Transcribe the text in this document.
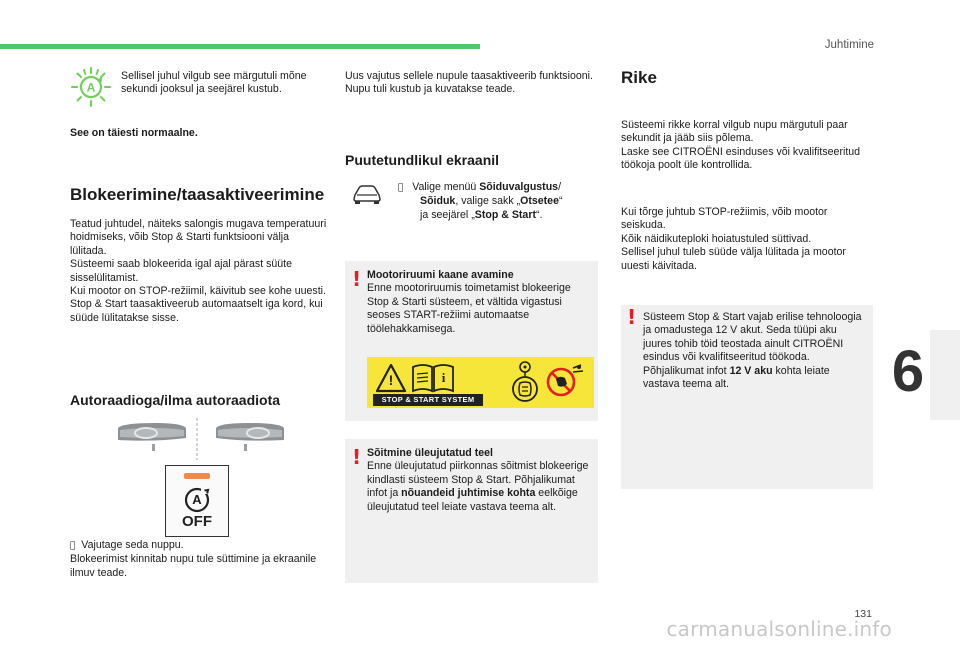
Juhtimine
6
A

Sellisel juhul vilgub see märgutuli mõne sekundi jooksul ja seejärel kustub.

See on täiesti normaalne.

Blokeerimine/taasaktiveerimine

Teatud juhtudel, näiteks salongis mugava temperatuuri hoidmiseks, võib Stop & Starti funktsiooni välja lülitada.

Süsteemi saab blokeerida igal ajal pärast süüte sisselülitamist.

Kui mootor on STOP-režiimil, käivitub see kohe uuesti.

Stop & Start taasaktiveerub automaatselt iga kord, kui süüde lülitatakse sisse.

Autoraadioga/ilma autoraadiota
A
OFF

Vajutage seda nuppu.

Blokeerimist kinnitab nupu tule süttimine ja ekraanile ilmuv teade.

Uus vajutus sellele nupule taasaktiveerib funktsiooni.

Nupu tuli kustub ja kuvatakse teade.

Puutetundlikul ekraanil

Valige menüü Sõiduvalgustus/

Sõiduk, valige sakk „Otsetee“

ja seejärel „Stop & Start“.

! Mootoriruumi kaane avamine

Enne mootoriruumis toimetamist blokeerige Stop & Starti süsteem, et vältida vigastusi seoses START-režiimi automaatse töölehakkamisega.

!	i
STOP & START SYSTEM
! Sõitmine üleujutatud teel

Enne üleujutatud piirkonnas sõitmist blokeerige kindlasti süsteem Stop & Start. Põhjalikumat infot ja nõuandeid juhtimise kohta eelkõige üleujutatud teel leiate vastava teema alt.

Rike

Süsteemi rikke korral vilgub nupu märgutuli paar sekundit ja jääb siis põlema.

Laske see CITROËNI esinduses või kvalifitseeritud töökoja poolt üle kontrollida.

Kui tõrge juhtub STOP-režiimis, võib mootor seiskuda.

Kõik näidikuteploki hoiatustuled süttivad.

Sellisel juhul tuleb süüde välja lülitada ja mootor uuesti käivitada.

! Süsteem Stop & Start vajab erilise tehnoloogia ja omadustega 12 V akut. Seda tüüpi aku juures tohib töid teostada ainult CITROËNI esindus või kvalifitseeritud töökoda. Põhjalikumat infot 12 V aku kohta leiate vastava teema alt.

131
carmanualsonline.info
